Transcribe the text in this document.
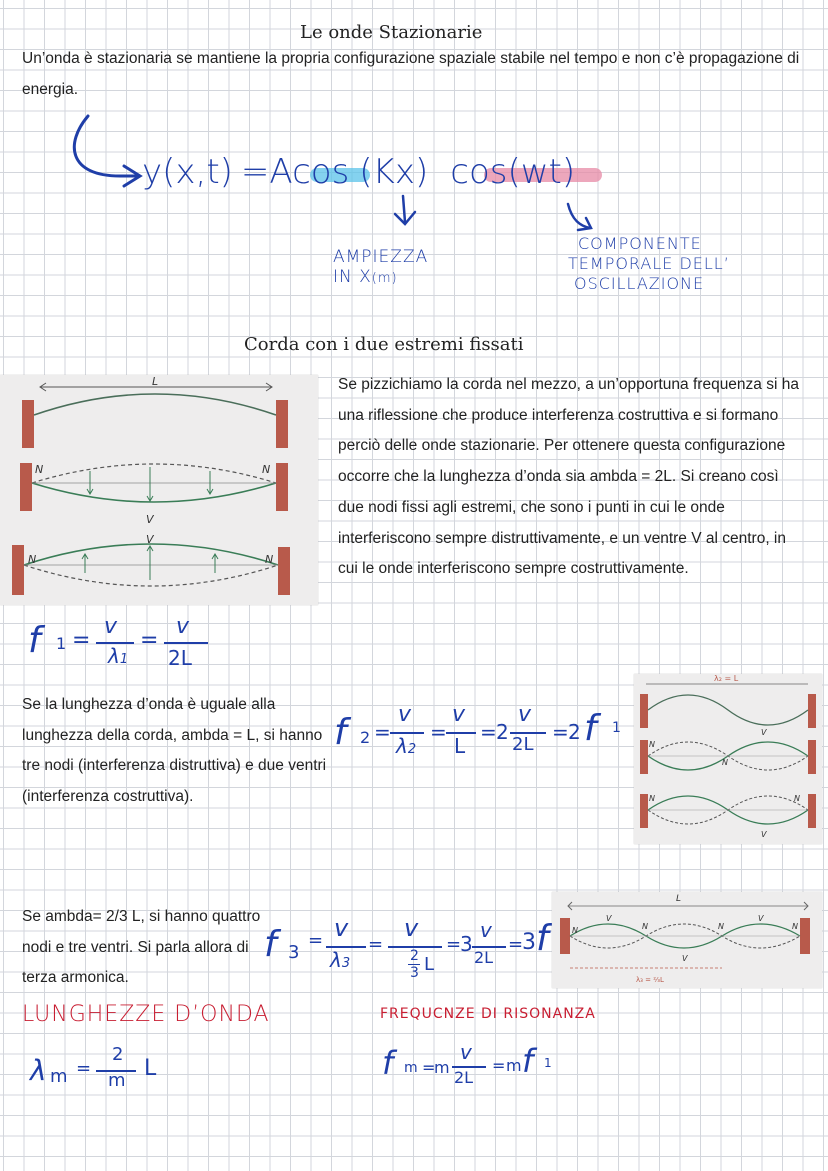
Le onde Stazionarie
Un’onda è stazionaria se mantiene la propria configurazione spaziale stabile nel tempo e non c’è propagazione di energia.
y(x,t) =Acos (Kx) cos(wt)
AMPIEZZA
IN X(m)
COMPONENTE
TEMPORALE DELL’
OSCILLAZIONE
Corda con i due estremi fissati
L
N	N
V
V
N	N
Se pizzichiamo la corda nel mezzo, a un’opportuna frequenza si ha una riflessione che produce interferenza costruttiva e si formano perciò delle onde stazionarie. Per ottenere questa configurazione occorre che la lunghezza d’onda sia ambda = 2L. Si creano così due nodi fissi agli estremi, che sono i punti in cui le onde interferiscono sempre distruttivamente, e un ventre V al centro, in cui le onde interferiscono sempre costruttivamente.
f 1 =
v
λ1
=
v
2L
Se la lunghezza d’onda è uguale alla lunghezza della corda, ambda = L, si hanno tre nodi (interferenza distruttiva) e due ventri (interferenza costruttiva).
f 2 =
v
λ2
=
v
L
= 2
v
2L
= 2 f 1
λ₂ = L
N
N
V
N	N
V
Se ambda= 2/3 L, si hanno quattro nodi e tre ventri. Si parla allora di terza armonica.
f 3
= v
λ3
=
v
2
3 L
=
3
v
2L
=
3 f
L
λ₃ = ⅔L
N	N	N	N
V
V
V
LUNGHEZZE D’ONDA	FREQUCNZE DI RISONANZA
λ m =
2
m L	f m =
m
v
2L
= m f 1
